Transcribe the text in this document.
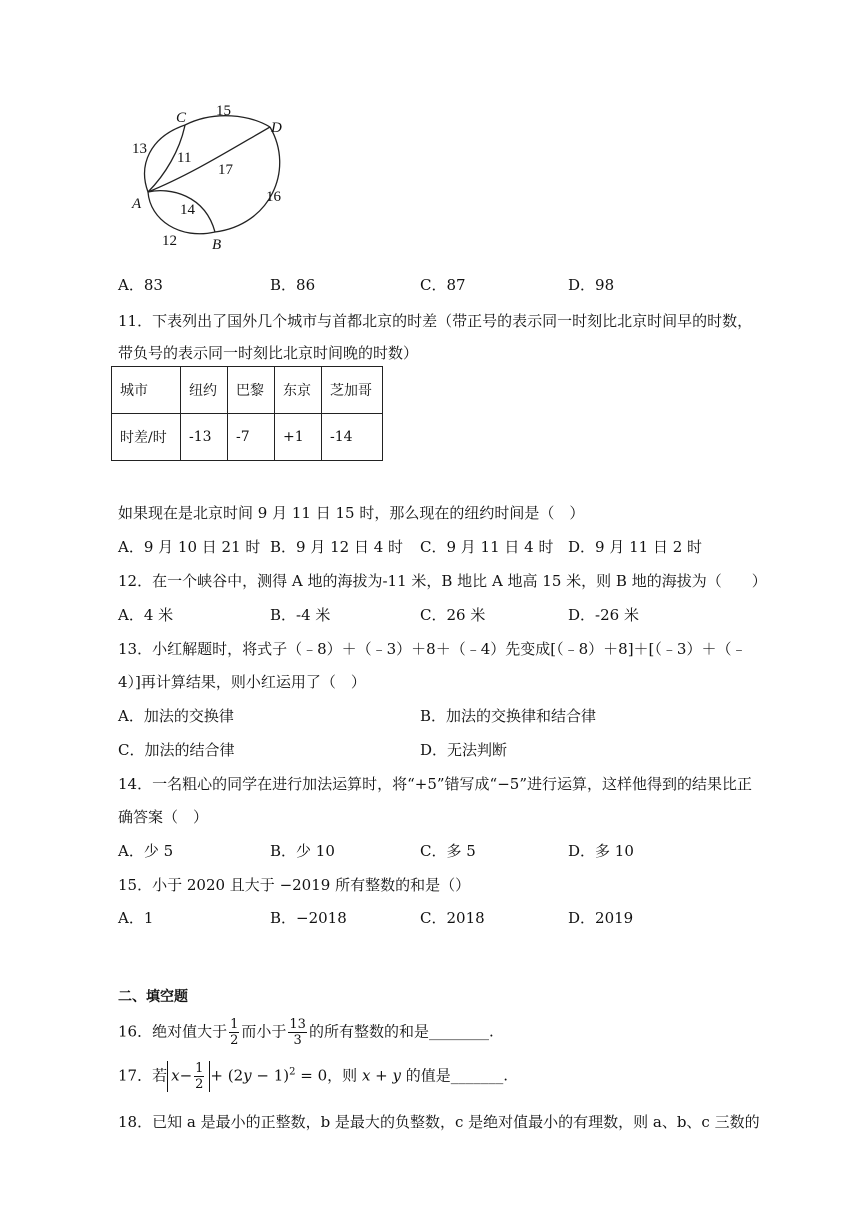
C
D
A
B
13
15
11
17
14
12
16
A．83	B．86	C．87	D．98
11．下表列出了国外几个城市与首都北京的时差（带正号的表示同一时刻比北京时间早的时数，
带负号的表示同一时刻比北京时间晚的时数）
城市	纽约	巴黎	东京	芝加哥
时差/时	-13	-7	+1	-14
如果现在是北京时间 9 月 11 日 15 时，那么现在的纽约时间是（　）
A．9 月 10 日 21 时 B．9 月 12 日 4 时 C．9 月 11 日 4 时 D．9 月 11 日 2 时
12．在一个峡谷中，测得 A 地的海拔为-11 米，B 地比 A 地高 15 米，则 B 地的海拔为（　　）
A．4 米	B．-4 米	C．26 米	D．-26 米
13．小红解题时，将式子（﹣8）＋（﹣3）＋8＋（﹣4）先变成[（﹣8）＋8]＋[（﹣3）＋（﹣
4）]再计算结果，则小红运用了（　）
A．加法的交换律	B．加法的交换律和结合律
C．加法的结合律	D．无法判断
14．一名粗心的同学在进行加法运算时，将“+5”错写成“−5”进行运算，这样他得到的结果比正
确答案（　）
A．少 5	B．少 10	C．多 5	D．多 10
15．小于 2020 且大于 −2019 所有整数的和是（）
A．1	B．−2018	C．2018	D．2019
二、填空题
16．绝对值大于 $\frac{1}{2}$ 而小于 $\frac{13}{3}$ 的所有整数的和是________.
17．若 $x- \frac{1}{2} + (2y - 1)^2 = 0$，则 x + y 的值是_______.
18．已知 a 是最小的正整数，b 是最大的负整数，c 是绝对值最小的有理数，则 a、b、c 三数的
